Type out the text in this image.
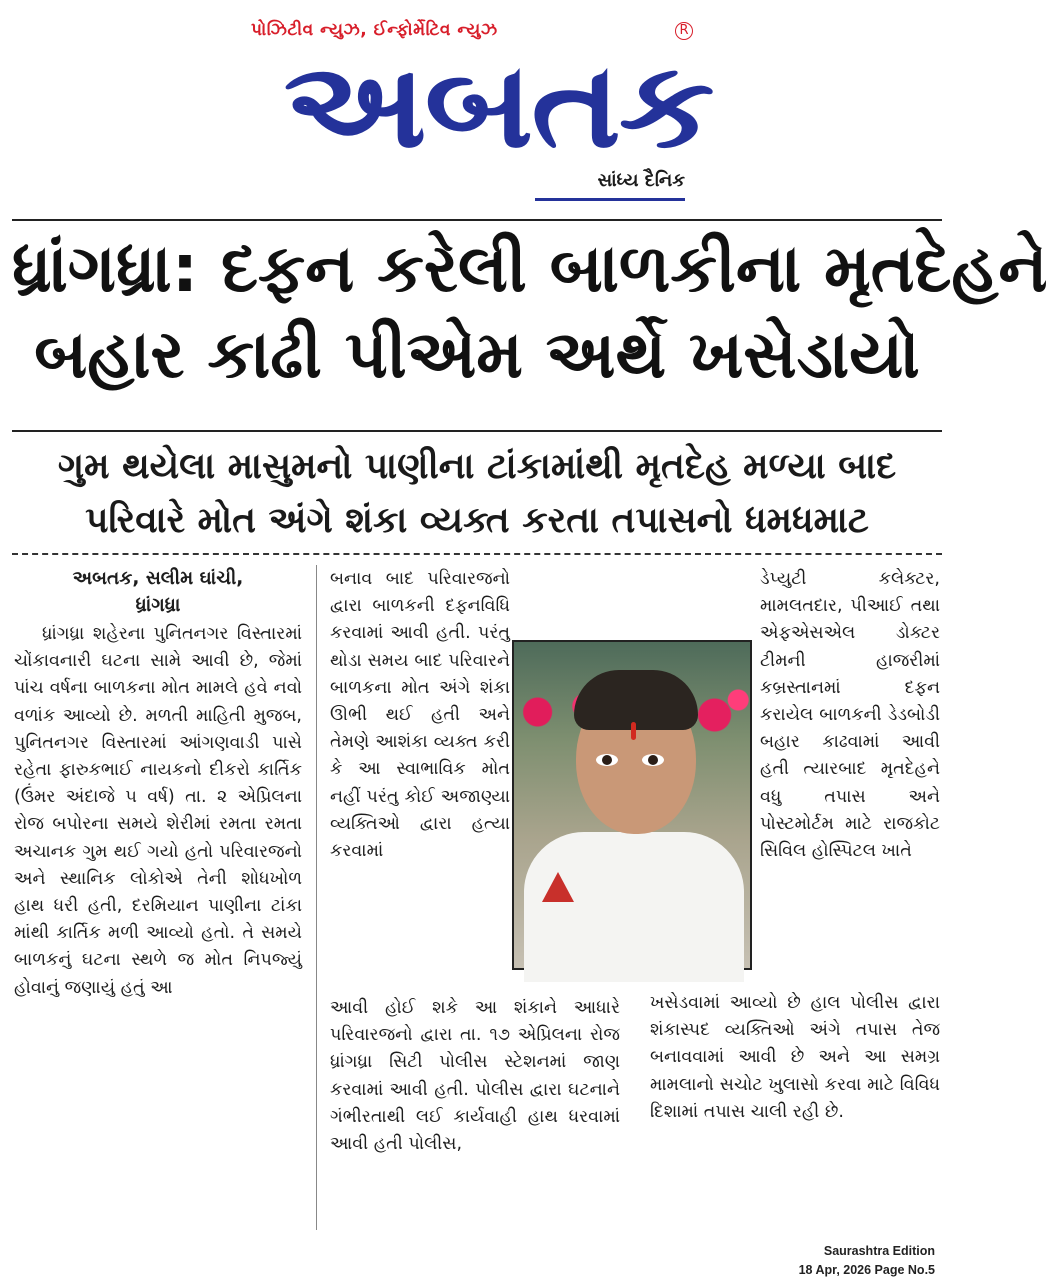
પોઝિટીવ ન્યુઝ, ઈન્ફોર્મેટિવ ન્યુઝ	R
અબતક
સાંધ્ય દૈનિક
ધ્રાંગધ્રા: દફન કરેલી બાળકીના મૃતદેહને
બહાર કાઢી પીએમ અર્થે ખસેડાયો
ગુમ થયેલા માસુમનો પાણીના ટાંકામાંથી મૃતદેહ મળ્યા બાદ
પરિવારે મોત અંગે શંકા વ્યક્ત કરતા તપાસનો ધમધમાટ
અબતક, સલીમ ઘાંચી,
ધ્રાંગધ્રા

ધ્રાંગધ્રા શહેરના પુનિતનગર વિસ્તારમાં ચોંકાવનારી ઘટના સામે આવી છે, જેમાં પાંચ વર્ષના બાળકના મોત મામલે હવે નવો વળાંક આવ્યો છે. મળતી માહિતી મુજબ, પુનિતનગર વિસ્તારમાં આંગણવાડી પાસે રહેતા ફારુકભાઈ નાયકનો દીકરો કાર્તિક (ઉંમર અંદાજે ૫ વર્ષ) તા. ૨ એપ્રિલના રોજ બપોરના સમયે શેરીમાં રમતા રમતા અચાનક ગુમ થઈ ગયો હતો પરિવારજનો અને સ્થાનિક લોકોએ તેની શોધખોળ હાથ ધરી હતી, દરમિયાન પાણીના ટાંકા માંથી કાર્તિક મળી આવ્યો હતો. તે સમયે બાળકનું ઘટના સ્થળે જ મોત નિપજ્યું હોવાનું જણાયું હતું આ

બનાવ બાદ પરિવારજનો દ્વારા બાળકની દફનવિધિ કરવામાં આવી હતી. પરંતુ થોડા સમય બાદ પરિવારને બાળકના મોત અંગે શંકા ઊભી થઈ હતી અને તેમણે આશંકા વ્યક્ત કરી કે આ સ્વાભાવિક મોત નહીં પરંતુ કોઈ અજાણ્યા વ્યક્તિઓ દ્વારા હત્યા કરવામાં

આવી હોઈ શકે આ શંકાને આધારે પરિવારજનો દ્વારા તા. ૧૭ એપ્રિલના રોજ ધ્રાંગધ્રા સિટી પોલીસ સ્ટેશનમાં જાણ કરવામાં આવી હતી. પોલીસ દ્વારા ઘટનાને ગંભીરતાથી લઈ કાર્યવાહી હાથ ધરવામાં આવી હતી પોલીસ,

ડેપ્યુટી કલેક્ટર, મામલતદાર, પીઆઈ તથા એફએસએલ ડોક્ટર ટીમની હાજરીમાં કબ્રસ્તાનમાં દફન કરાયેલ બાળકની ડેડબોડી બહાર કાઢવામાં આવી હતી ત્યારબાદ મૃતદેહને વધુ તપાસ અને પોસ્ટમોર્ટમ માટે રાજકોટ સિવિલ હોસ્પિટલ ખાતે

ખસેડવામાં આવ્યો છે હાલ પોલીસ દ્વારા શંકાસ્પદ વ્યક્તિઓ અંગે તપાસ તેજ બનાવવામાં આવી છે અને આ સમગ્ર મામલાનો સચોટ ખુલાસો કરવા માટે વિવિધ દિશામાં તપાસ ચાલી રહી છે.

Saurashtra Edition
18 Apr, 2026 Page No.5
